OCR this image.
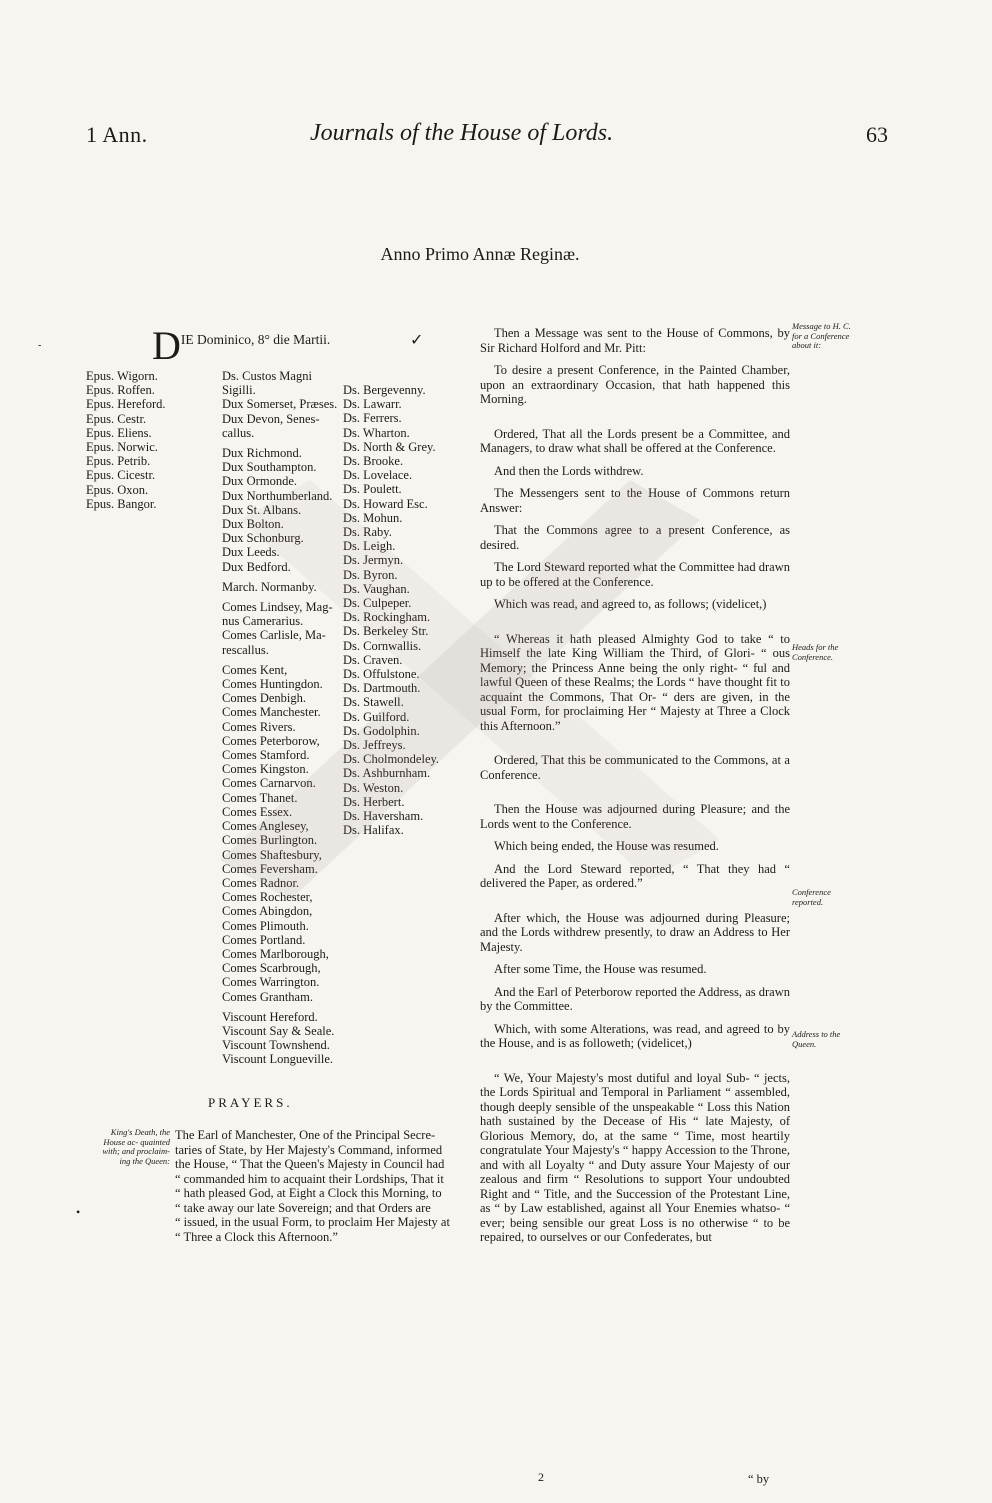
1 Ann.	Journals of the House of Lords.	63
Anno Primo Annæ Reginæ.
D IE Dominico, 8° die Martii.	✓
‐
Epus. Wigorn.
Epus. Roffen.
Epus. Hereford.
Epus. Cestr.
Epus. Eliens.
Epus. Norwic.
Epus. Petrib.
Epus. Cicestr.
Epus. Oxon.
Epus. Bangor.
Ds. Custos Magni
Sigilli.
Dux Somerset, Præses.
Dux Devon, Senes-
callus.
Dux Richmond.
Dux Southampton.
Dux Ormonde.
Dux Northumberland.
Dux St. Albans.
Dux Bolton.
Dux Schonburg.
Dux Leeds.
Dux Bedford.
March. Normanby.
Comes Lindsey, Mag-
nus Camerarius.
Comes Carlisle, Ma-
rescallus.
Comes Kent,
Comes Huntingdon.
Comes Denbigh.
Comes Manchester.
Comes Rivers.
Comes Peterborow,
Comes Stamford.
Comes Kingston.
Comes Carnarvon.
Comes Thanet.
Comes Essex.
Comes Anglesey,
Comes Burlington.
Comes Shaftesbury,
Comes Feversham.
Comes Radnor.
Comes Rochester,
Comes Abingdon,
Comes Plimouth.
Comes Portland.
Comes Marlborough,
Comes Scarbrough,
Comes Warrington.
Comes Grantham.
Viscount Hereford.
Viscount Say & Seale.
Viscount Townshend.
Viscount Longueville.
Ds. Bergevenny.
Ds. Lawarr.
Ds. Ferrers.
Ds. Wharton.
Ds. North & Grey.
Ds. Brooke.
Ds. Lovelace.
Ds. Poulett.
Ds. Howard Esc.
Ds. Mohun.
Ds. Raby.
Ds. Leigh.
Ds. Jermyn.
Ds. Byron.
Ds. Vaughan.
Ds. Culpeper.
Ds. Rockingham.
Ds. Berkeley Str.
Ds. Cornwallis.
Ds. Craven.
Ds. Offulstone.
Ds. Dartmouth.
Ds. Stawell.
Ds. Guilford.
Ds. Godolphin.
Ds. Jeffreys.
Ds. Cholmondeley.
Ds. Ashburnham.
Ds. Weston.
Ds. Herbert.
Ds. Haversham.
Ds. Halifax.
PRAYERS.
King's Death, the House ac- quainted with; and proclaim- ing the Queen:
The Earl of Manchester, One of the Principal Secre-
taries of State, by Her Majesty's Command, informed
the House, “ That the Queen's Majesty in Council had
“ commanded him to acquaint their Lordships, That it
“ hath pleased God, at Eight a Clock this Morning, to
“ take away our late Sovereign; and that Orders are
“ issued, in the usual Form, to proclaim Her Majesty at
“ Three a Clock this Afternoon.”
•

Then a Message was sent to the House of Commons, by Sir Richard Holford and Mr. Pitt:

To desire a present Conference, in the Painted Chamber, upon an extraordinary Occasion, that hath happened this Morning.

Ordered, That all the Lords present be a Committee, and Managers, to draw what shall be offered at the Conference.

And then the Lords withdrew.

The Messengers sent to the House of Commons return Answer:

That the Commons agree to a present Conference, as desired.

The Lord Steward reported what the Committee had drawn up to be offered at the Conference.

Which was read, and agreed to, as follows; (videlicet,)

“ Whereas it hath pleased Almighty God to take “ to Himself the late King William the Third, of Glori- “ ous Memory; the Princess Anne being the only right- “ ful and lawful Queen of these Realms; the Lords “ have thought fit to acquaint the Commons, That Or- “ ders are given, in the usual Form, for proclaiming Her “ Majesty at Three a Clock this Afternoon.”

Ordered, That this be communicated to the Commons, at a Conference.

Then the House was adjourned during Pleasure; and the Lords went to the Conference.

Which being ended, the House was resumed.

And the Lord Steward reported, “ That they had “ delivered the Paper, as ordered.”

After which, the House was adjourned during Pleasure; and the Lords withdrew presently, to draw an Address to Her Majesty.

After some Time, the House was resumed.

And the Earl of Peterborow reported the Address, as drawn by the Committee.

Which, with some Alterations, was read, and agreed to by the House, and is as followeth; (videlicet,)

“ We, Your Majesty's most dutiful and loyal Sub- “ jects, the Lords Spiritual and Temporal in Parliament “ assembled, though deeply sensible of the unspeakable “ Loss this Nation hath sustained by the Decease of His “ late Majesty, of Glorious Memory, do, at the same “ Time, most heartily congratulate Your Majesty's “ happy Accession to the Throne, and with all Loyalty “ and Duty assure Your Majesty of our zealous and firm “ Resolutions to support Your undoubted Right and “ Title, and the Succession of the Protestant Line, as “ by Law established, against all Your Enemies whatso- “ ever; being sensible our great Loss is no otherwise “ to be repaired, to ourselves or our Confederates, but

Message to H. C. for a Conference about it:
Heads for the Conference.
Conference reported.
Address to the Queen.
2	“ by
